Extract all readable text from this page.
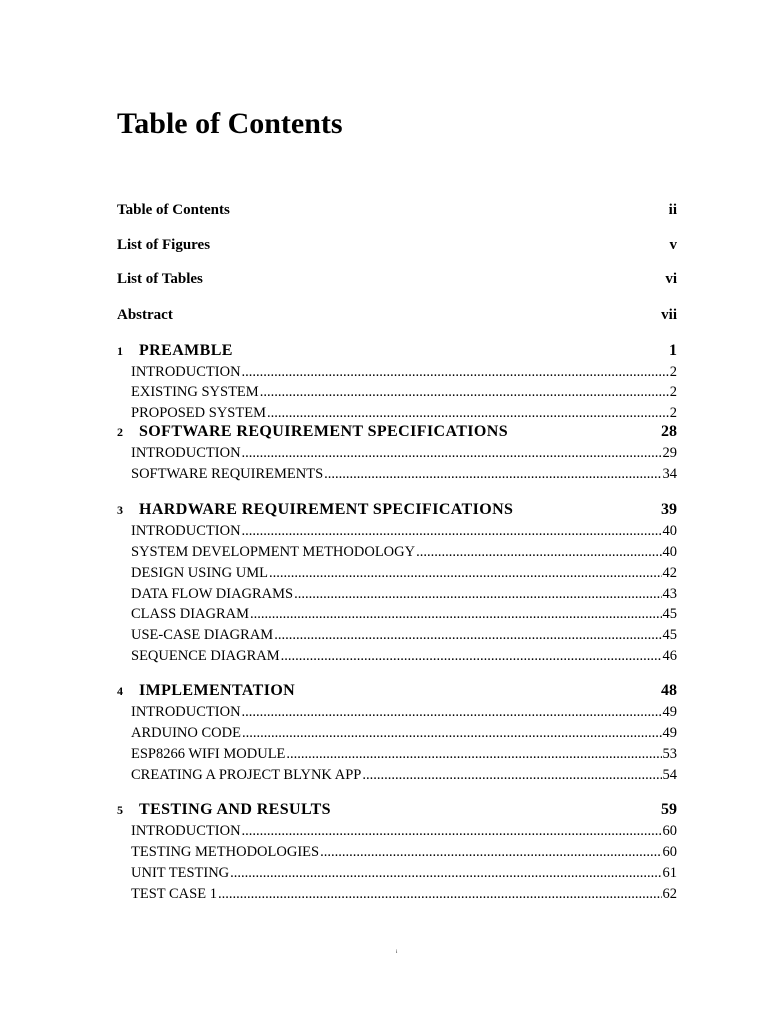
Table of Contents
Table of Contents	ii
List of Figures	v
List of Tables	vi
Abstract	vii
1	PREAMBLE	1
INTRODUCTION .....	2
EXISTING SYSTEM .....	2
PROPOSED SYSTEM .....	2
2	SOFTWARE REQUIREMENT SPECIFICATIONS	28
INTRODUCTION .....	29
SOFTWARE REQUIREMENTS .....	34
3	HARDWARE REQUIREMENT SPECIFICATIONS	39
INTRODUCTION .....	40
SYSTEM DEVELOPMENT METHODOLOGY .....	40
DESIGN USING UML .....	42
DATA FLOW DIAGRAMS .....	43
CLASS DIAGRAM .....	45
USE-CASE DIAGRAM .....	45
SEQUENCE DIAGRAM .....	46
4	IMPLEMENTATION	48
INTRODUCTION .....	49
ARDUINO CODE .....	49
ESP8266 WIFI MODULE .....	53
CREATING A PROJECT BLYNK APP .....	54
5	TESTING AND RESULTS	59
INTRODUCTION .....	60
TESTING METHODOLOGIES .....	60
UNIT TESTING .....	61
TEST CASE 1 .....	62
i
